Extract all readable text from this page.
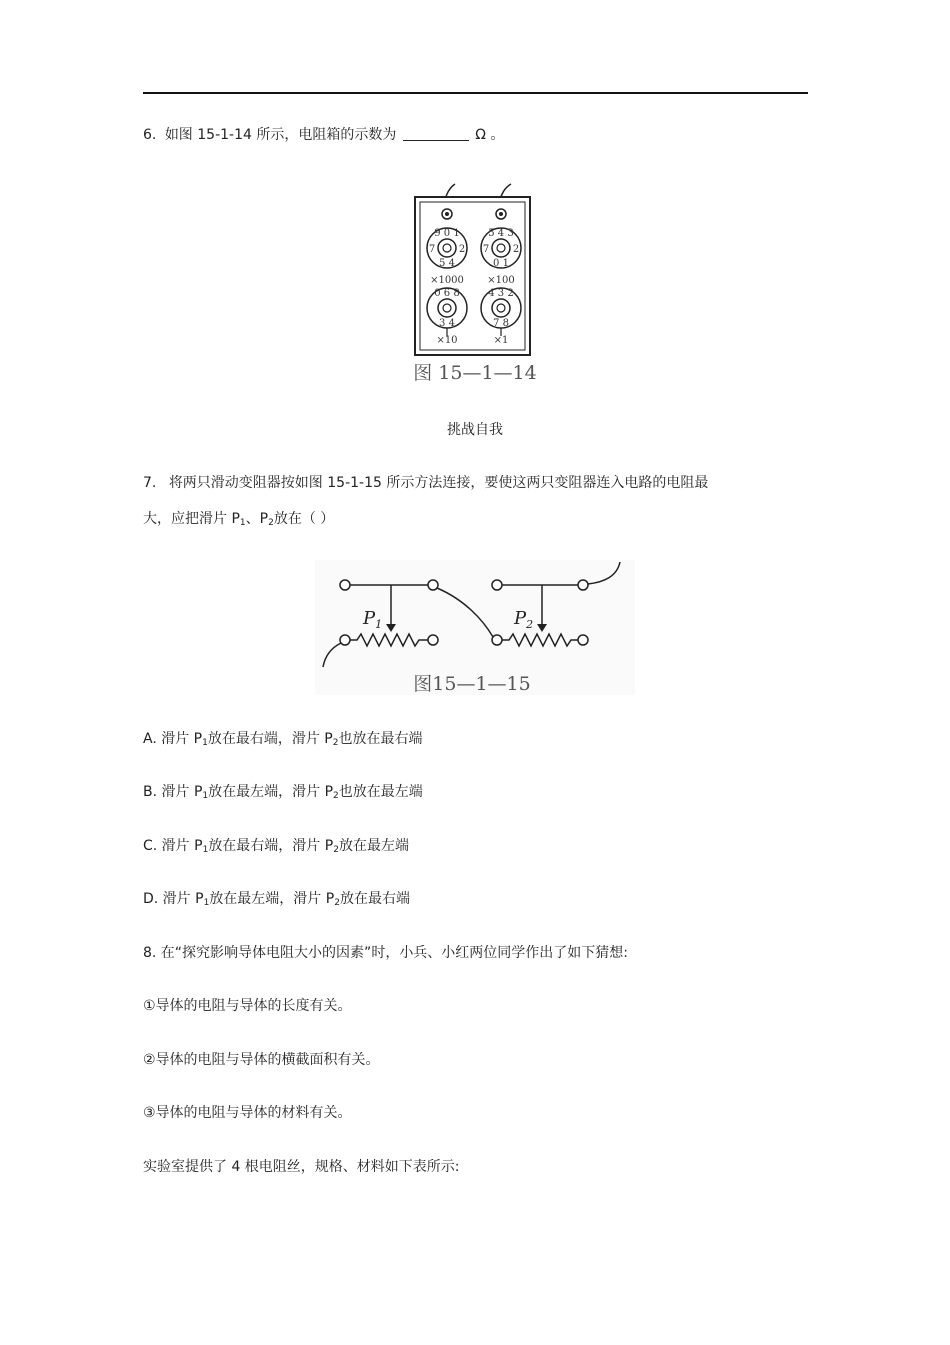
6. 如图 15-1-14 所示，电阻箱的示数为	Ω 。
9 0 1
5 4
7 2
5 4 3
0 1
7 2
×1000 ×100
0 6 8
3 4
4 3 2
7 8
×10	×1
图 15—1—14
挑战自我
7. 将两只滑动变阻器按如图 15-1-15 所示方法连接，要使这两只变阻器连入电路的电阻最
大，应把滑片 $P_1$、$P_2$放在（ ）
$P_1$	$P_2$
图15—1—15
A. 滑片 $P_1$放在最右端，滑片 $P_2$也放在最右端
B. 滑片 $P_1$放在最左端，滑片 $P_2$也放在最左端
C. 滑片 $P_1$放在最右端，滑片 $P_2$放在最左端
D. 滑片 $P_1$放在最左端，滑片 $P_2$放在最右端
8. 在“探究影响导体电阻大小的因素”时，小兵、小红两位同学作出了如下猜想:
①导体的电阻与导体的长度有关。
②导体的电阻与导体的横截面积有关。
③导体的电阻与导体的材料有关。
实验室提供了 4 根电阻丝，规格、材料如下表所示:
